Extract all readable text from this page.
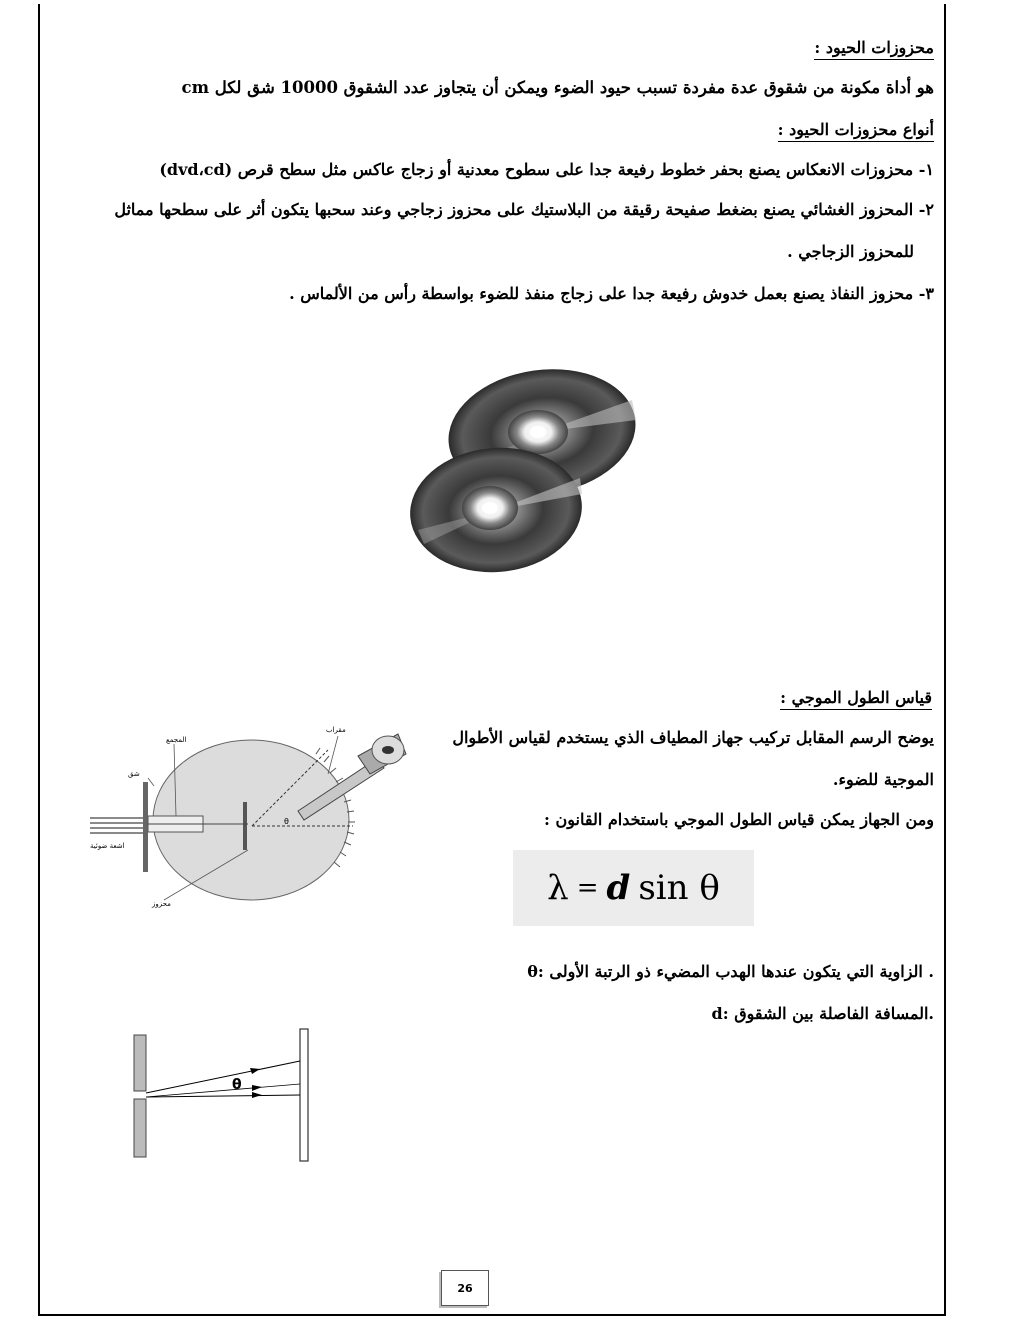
محزوزات الحيود :
هو أداة مكونة من شقوق عدة مفردة تسبب حيود الضوء ويمكن أن يتجاوز عدد الشقوق 10000 شق لكل cm
أنواع محزوزات الحيود :
١- محزوزات الانعكاس يصنع بحفر خطوط رفيعة جدا على سطوح معدنية أو زجاج عاكس مثل سطح قرص (dvd،cd)
٢- المحزوز الغشائي يصنع بضغط صفيحة رقيقة من البلاستيك على محزوز زجاجي وعند سحبها يتكون أثر على سطحها مماثل
للمحزوز الزجاجي .
٣- محزوز النفاذ يصنع بعمل خدوش رفيعة جدا على زجاج منفذ للضوء بواسطة رأس من الألماس .
قياس الطول الموجي :
يوضح الرسم المقابل تركيب جهاز المطياف الذي يستخدم لقياس الأطوال
الموجية للضوء.
ومن الجهاز يمكن قياس الطول الموجي باستخدام القانون :
λ = d sin θ
θ: الزاوية التي يتكون عندها الهدب المضيء ذو الرتبة الأولى .
d: المسافة الفاصلة بين الشقوق.
المجمع
مقراب
شق
اشعة ضوئية
محزوز
θ
θ
26
